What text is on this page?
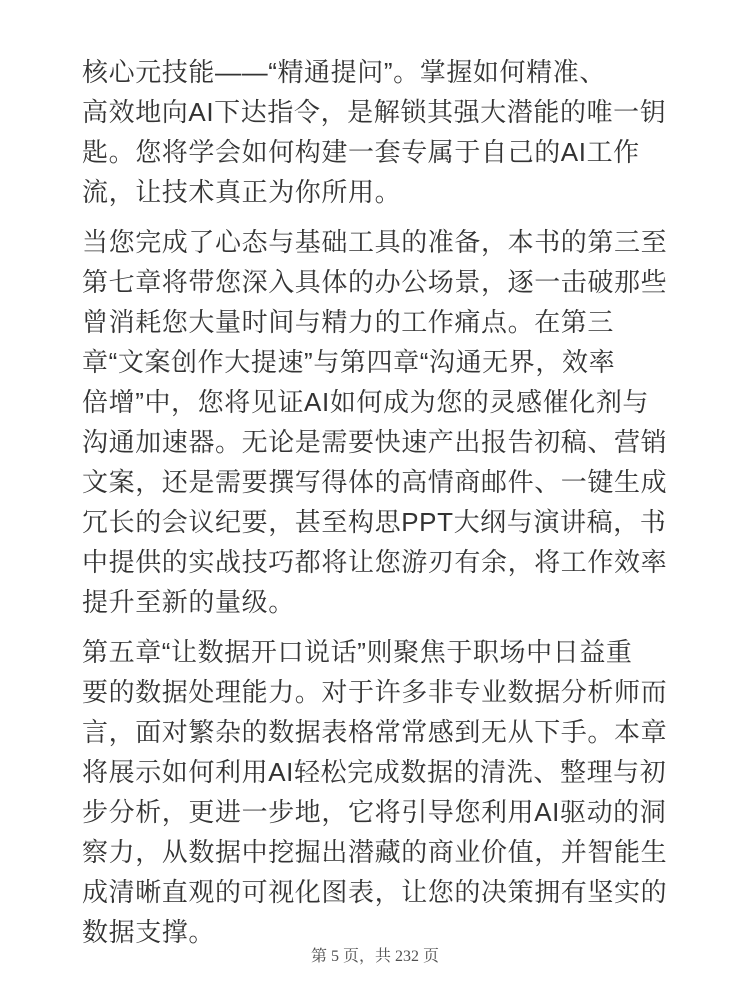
核心元技能——“精通提问”。掌握如何精准、
高效地向AI下达指令，是解锁其强大潜能的唯一钥
匙。您将学会如何构建一套专属于自己的AI工作
流，让技术真正为你所用。

当您完成了心态与基础工具的准备，本书的第三至
第七章将带您深入具体的办公场景，逐一击破那些
曾消耗您大量时间与精力的工作痛点。在第三
章“文案创作大提速”与第四章“沟通无界，效率
倍增”中，您将见证AI如何成为您的灵感催化剂与
沟通加速器。无论是需要快速产出报告初稿、营销
文案，还是需要撰写得体的高情商邮件、一键生成
冗长的会议纪要，甚至构思PPT大纲与演讲稿，书
中提供的实战技巧都将让您游刃有余，将工作效率
提升至新的量级。

第五章“让数据开口说话”则聚焦于职场中日益重
要的数据处理能力。对于许多非专业数据分析师而
言，面对繁杂的数据表格常常感到无从下手。本章
将展示如何利用AI轻松完成数据的清洗、整理与初
步分析，更进一步地，它将引导您利用AI驱动的洞
察力，从数据中挖掘出潜藏的商业价值，并智能生
成清晰直观的可视化图表，让您的决策拥有坚实的
数据支撑。

第 5 页，共 232 页
